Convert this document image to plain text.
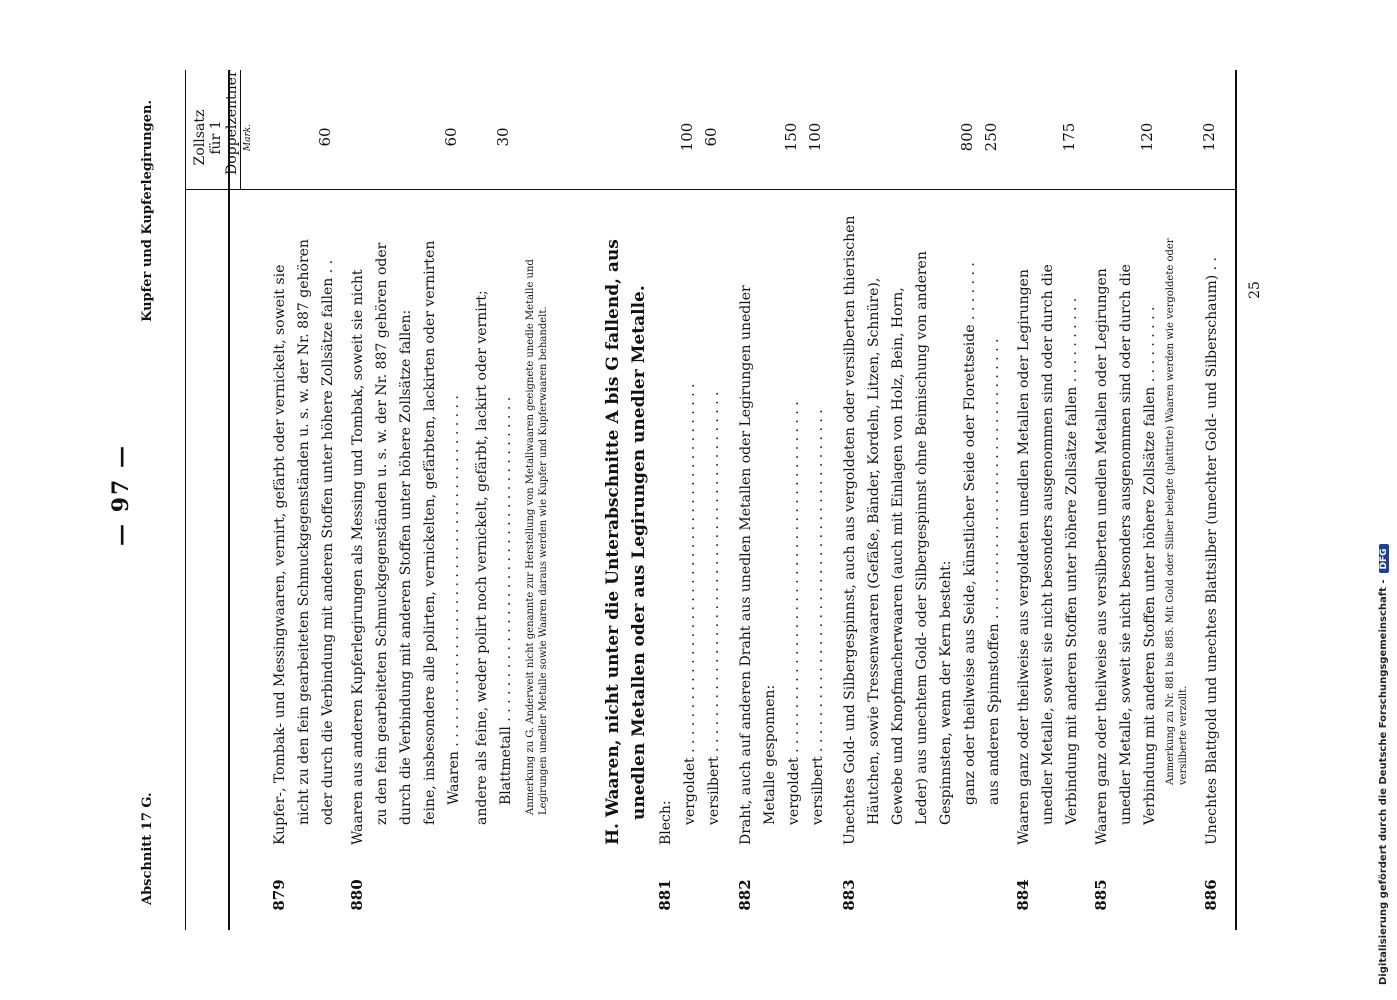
— 97 —
Abschnitt 17 G.
Kupfer und Kupferlegirungen.	Zollsatz für 1 Doppelzentner Mark.
879
Kupfer-, Tombak- und Messingwaaren, vernirt, gefärbt oder vernickelt, soweit sie nicht zu den fein gearbeiteten Schmuckgegenständen u. s. w. der Nr. 887 gehören oder durch die Verbindung mit anderen Stoffen unter höhere Zollsätze fallen . .
60
880
Waaren aus anderen Kupferlegirungen als Messing und Tombak, soweit sie nicht zu den fein gearbeiteten Schmuckgegenständen u. s. w. der Nr. 887 gehören oder durch die Verbindung mit anderen Stoffen unter höhere Zollsätze fallen: feine, insbesondere alle polirten, vernickelten, gefärbten, lackirten oder vernirten Waaren . . . . . . . . . . . . . . . . . . . . . . . . . . . . . . . . . . . . . . . .
60
andere als feine, weder polirt noch vernickelt, gefärbt, lackirt oder vernirt; Blattmetall . . . . . . . . . . . . . . . . . . . . . . . . . . . . . . . . . . . . .
30
Anmerkung zu G. Anderweit nicht genannte zur Herstellung von Metallwaaren geeignete unedle Metalle und Legirungen unedler Metalle sowie Waaren daraus werden wie Kupfer und Kupferwaaren behandelt.	H. Waaren, nicht unter die Unterabschnitte A bis G fallend, aus unedlen Metallen oder aus Legirungen unedler Metalle.
881
Blech: vergoldet . . . . . . . . . . . . . . . . . . . . . . . . . . . . . . . . . . . . . . . . . .
100
versilbert . . . . . . . . . . . . . . . . . . . . . . . . . . . . . . . . . . . . . . . . .
60
882
Draht, auch auf anderen Draht aus unedlen Metallen oder Legirungen unedler Metalle gesponnen: vergoldet . . . . . . . . . . . . . . . . . . . . . . . . . . . . . . . . . . . . . . . .
150
versilbert . . . . . . . . . . . . . . . . . . . . . . . . . . . . . . . . . . . . . . .
100
883
Unechtes Gold- und Silbergespinnst, auch aus vergoldeten oder versilberten thierischen Häutchen, sowie Tressenwaaren (Gefäße, Bänder, Kordeln, Litzen, Schnüre), Gewebe und Knopfmacherwaaren (auch mit Einlagen von Holz, Bein, Horn, Leder) aus unechtem Gold- oder Silbergespinnst ohne Beimischung von anderen Gespinnsten, wenn der Kern besteht: ganz oder theilweise aus Seide, künstlicher Seide oder Florettseide . . . . . . .
800
aus anderen Spinnstoffen . . . . . . . . . . . . . . . . . . . . . . . . . . . . . . . .
250
884
Waaren ganz oder theilweise aus vergoldeten unedlen Metallen oder Legirungen unedler Metalle, soweit sie nicht besonders ausgenommen sind oder durch die Verbindung mit anderen Stoffen unter höhere Zollsätze fallen . . . . . . . . . .
175
885
Waaren ganz oder theilweise aus versilberten unedlen Metallen oder Legirungen unedler Metalle, soweit sie nicht besonders ausgenommen sind oder durch die Verbindung mit anderen Stoffen unter höhere Zollsätze fallen . . . . . . . . .
120
Anmerkung zu Nr. 881 bis 885. Mit Gold oder Silber belegte (plattirte) Waaren werden wie vergoldete oder versilberte verzollt.
886
Unechtes Blattgold und unechtes Blattsilber (unechter Gold- und Silberschaum) . .
120
25
Digitalisierung gefördert durch die Deutsche Forschungsgemeinschaft -DFG
